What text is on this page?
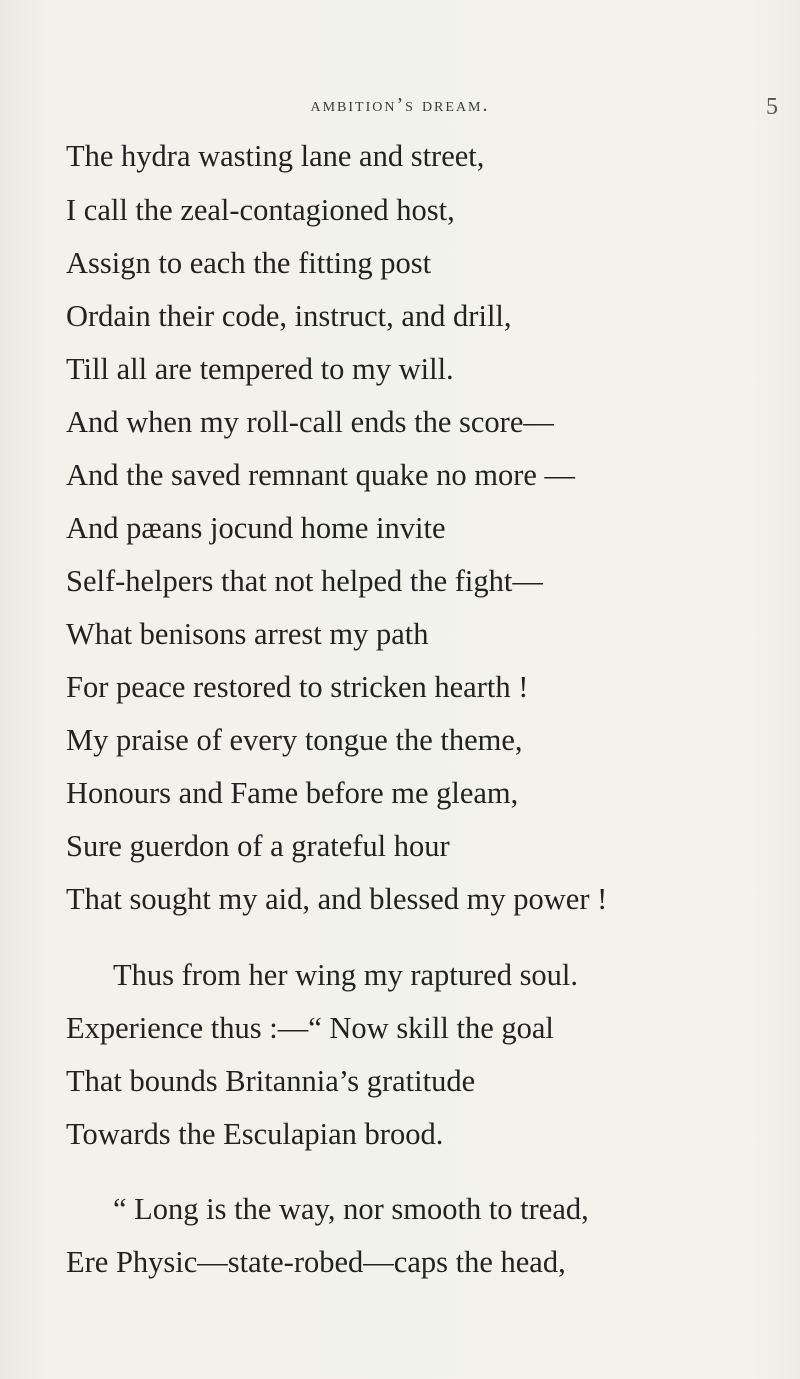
ambition’s dream.	5
The hydra wasting lane and street,
I call the zeal-contagioned host,
Assign to each the fitting post
Ordain their code, instruct, and drill,
Till all are tempered to my will.
And when my roll-call ends the score—
And the saved remnant quake no more —
And pæans jocund home invite
Self-helpers that not helped the fight—
What benisons arrest my path
For peace restored to stricken hearth !
My praise of every tongue the theme,
Honours and Fame before me gleam,
Sure guerdon of a grateful hour
That sought my aid, and blessed my power !
Thus from her wing my raptured soul.
Experience thus :—“ Now skill the goal
That bounds Britannia’s gratitude
Towards the Esculapian brood.
“ Long is the way, nor smooth to tread,
Ere Physic—state-robed—caps the head,
